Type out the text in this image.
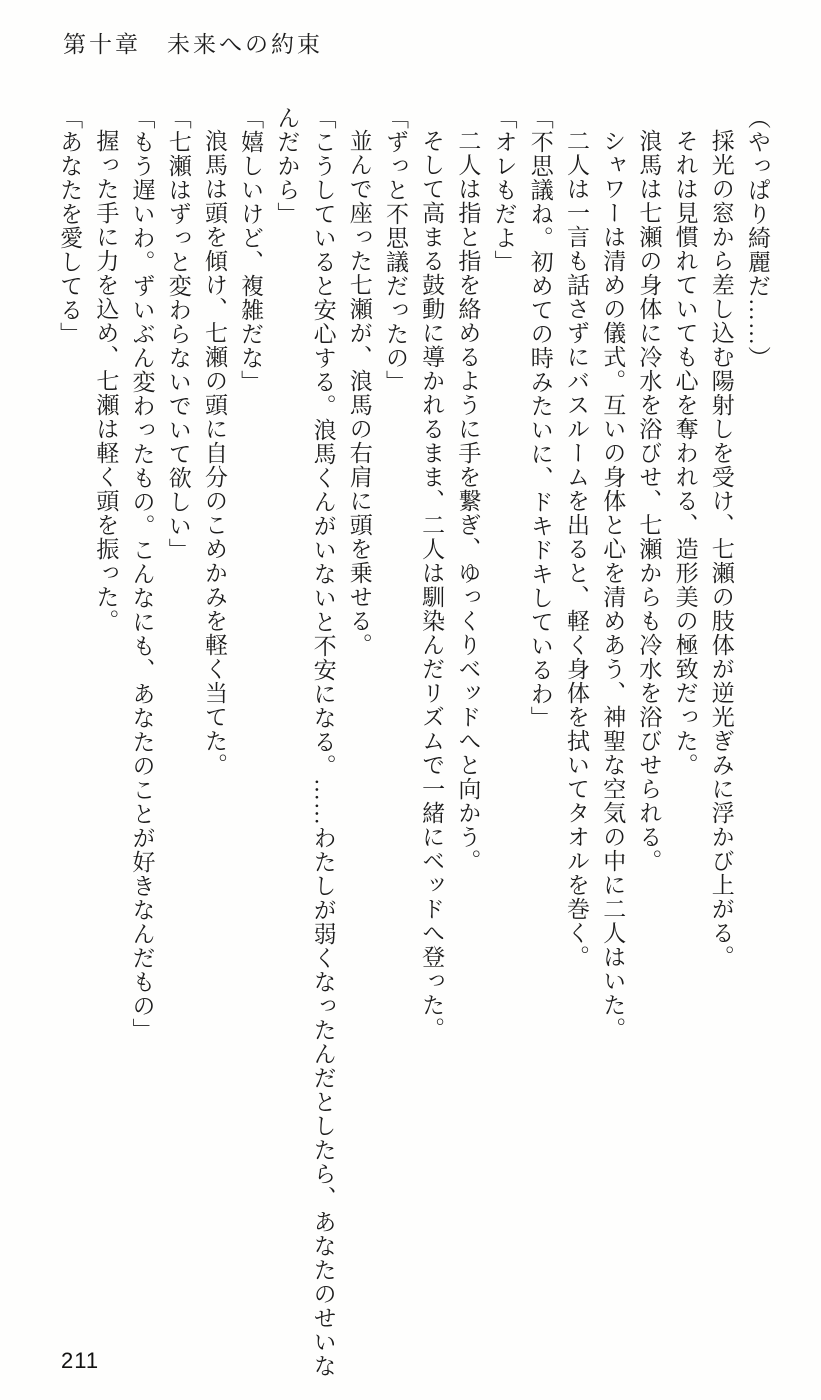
第十章　未来への約束

（やっぱり綺麗だ……）

採光の窓から差し込む陽射しを受け、七瀬の肢体が逆光ぎみに浮かび上がる。

それは見慣れていても心を奪われる、造形美の極致だった。

浪馬は七瀬の身体に冷水を浴びせ、七瀬からも冷水を浴びせられる。

シャワーは清めの儀式。互いの身体と心を清めあう、神聖な空気の中に二人はいた。

二人は一言も話さずにバスルームを出ると、軽く身体を拭いてタオルを巻く。

「不思議ね。初めての時みたいに、ドキドキしているわ」

「オレもだよ」

二人は指と指を絡めるように手を繋ぎ、ゆっくりベッドへと向かう。

そして高まる鼓動に導かれるまま、二人は馴染んだリズムで一緒にベッドへ登った。

「ずっと不思議だったの」

並んで座った七瀬が、浪馬の右肩に頭を乗せる。

「こうしていると安心する。浪馬くんがいないと不安になる。……わたしが弱くなったんだとしたら、あなたのせいな

んだから」

「嬉しいけど、複雑だな」

浪馬は頭を傾け、七瀬の頭に自分のこめかみを軽く当てた。

「七瀬はずっと変わらないでいて欲しい」

「もう遅いわ。ずいぶん変わったもの。こんなにも、あなたのことが好きなんだもの」

握った手に力を込め、七瀬は軽く頭を振った。

「あなたを愛してる」

211
